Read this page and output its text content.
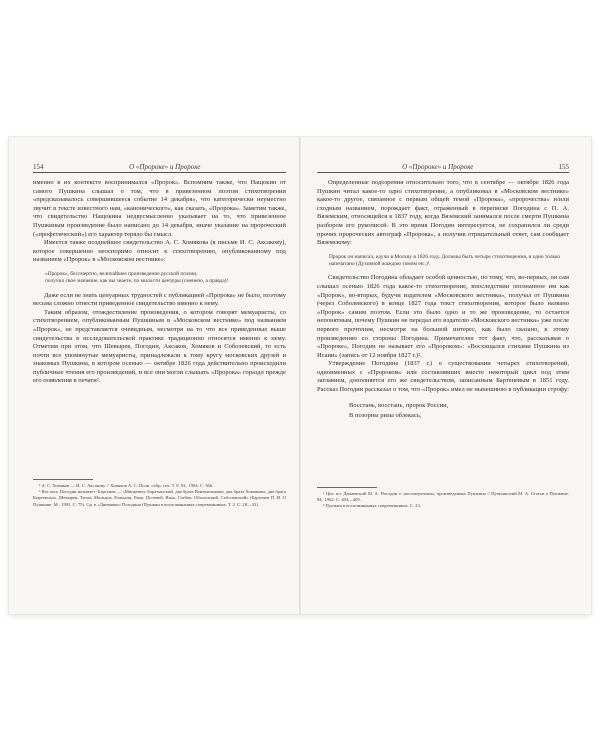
154	О «Пророке» и Пророке

именно в их контексте воспринимался «Пророк». Вспомним также, что Нащокин от самого Пушкина слышал о том, что в привезенном поэтом стихотворении «предсказывалось совершившееся событие 14 декабря», что категорически неуместно звучит в тексте известного нам, «канонического», как сказать, «Пророка». Заметим также, что свидетельство Нащокина недвусмысленно указывает на то, что привезенное Пушкиным произведение было написано до 14 декабря, иначе указание на пророческий («профетический») его характер теряло бы смысл.

Имеется также позднейшее свидетельство А. С. Хомякова (в письме И. С. Аксакову), которое совершенно неоспоримо относит к стихотворению, опубликованному под названием «Пророк» в «Московском вестнике»:

«Пророк», бессмертно, величайшее произведение русской поэзии,

получил свое значение, как вы знаете, по милости цензуры (сменено, а правда)¹.

Даже если не знать ценуарных трудностей с публикацией «Пророка» не было, поэтому весьма сложно отнести приведенное свидетельство именно к нему.

Таким образом, отождествление произведения, о котором говорят мемуаристы, со стихотворением, опубликованным Пушкиным в «Московском вестнике» под названием «Пророк», не представляется очевидным, несмотря на то что все приведенные выше свидетельства в исследовательской практике традиционно относятся именно к нему. Отметим при этом, что Шевырев, Погодин, Аксаков, Хомяков и Соболевский, то есть почти все упомянутые мемуаристы, принадлежали к тому кругу московских друзей и знакомых Пушкина, в котором осенью — октябре 1826 года действительно происходили публичные чтения его произведений, и все они могли слышать «Пророка» гораздо прежде его появления в печати².

¹ А. С. Хомяков — И. С. Аксакову // Хомяков А. С. Полн. собр. соч. Т. 8. М., 1904. С. 366.

² Вот кого Погодин называет: Бартенев — «Мицкевич, Баратынский, два брата Веневитиновы, два брата Хомяковы, два брата Киреевских, Шевырев, Титов, Мальцов, Рожалин, Раич, Полевой, Виль, Глебов, Оболенский, Соболевский» (Бартенев П. И. О Пушкине. М., 1992. С. 75). Ср. в «Дневнике» Погодина (Пушкин в воспоминаниях современников. Т. 2. С. 28—33).

О «Пророке» и Пророке	155

Определенные подозрения относительно того, что в сентябре — октябре 1826 года Пушкин читал какое-то одно стихотворение, а опубликовал в «Московском вестнике» какое-то другое, связанное с первым общей темой «Пророка», «пророчества» и/или сходным названием, порождает факт, отраженный в переписке Погодина с П. А. Вяземским, относящейся к 1837 году, когда Вяземский занимался после смерти Пушкина разбором его рукописей. В это время Погодин интересуется, не сохранился ли среди прочих пророческих автограф «Пророка», а получив отрицательный ответ, сам сообщает Вяземскому:

Пророк он написал, едучи в Москву в 1826 году. Должны быть четыре стихотворения, и одно только напечатано (Духовной жаждою томим etc.)¹.

Свидетельство Погодина обладает особой ценностью, по тому, что, во-первых, он сам слышал осенью 1826 года какое-то стихотворение, впоследствии опознанное им как «Пророк», во-вторых, будучи издателем «Московского вестника», получал от Пушкина (через Соболевского) в конце 1827 года текст стихотворения, которое было названо «Пророк» самим поэтом. Если это было одно и то же произведение, то остается непонятным, почему Пушкин не передал его издателю «Московского вестника» уже после первого прочтения, несмотря на большой интерес, как было сказано, к этому произведению со стороны Погодина. Примечателен тот факт, что, рассказывая о «Пророке», Погодин не называет его «Пророком»: «Восхищался стихами Пушкина из Исаии» (запись от 12 ноября 1827 г.)².

Утверждение Погодина (1837 г.) о существовании четырех стихотворений, одноименных с «Пророком» или составлявших вместе некоторый цикл под этим заглавием, дополняется его же свидетельством, записанным Бартеневым в 1851 году. Рассказ Погодин рассказал о том, что «Пророк» имел не нынешнюю в публикации строфу:

Восстань, восстань, пророк России,

В позорны ризы облекась,

¹ Цит. по: Данаевский М. А. Погодин о «восьмерочных» произведениях Пушкина // Пушкинский М. А. Статьи о Пушкине. М., 1962. С. 404—405.

² Пушкин в воспоминаниях современников. С. 23.
